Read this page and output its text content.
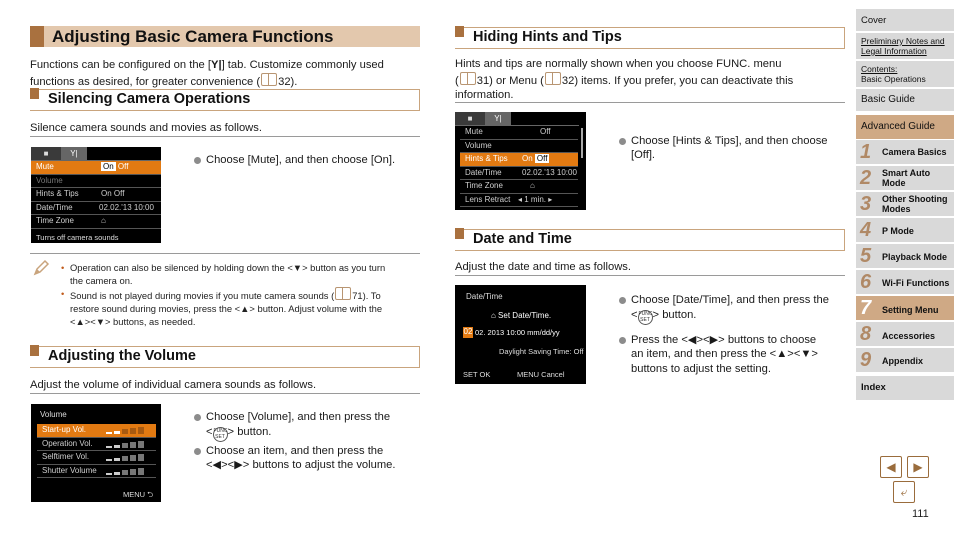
Adjusting Basic Camera Functions
Functions can be configured on the [Y|] tab. Customize commonly used
functions as desired, for greater convenience ( 32).
Silencing Camera Operations
Silence camera sounds and movies as follows.
■	Y|
Mute	On Off
Volume
Hints & Tips	On Off
Date/Time	02.02.'13 10:00
Time Zone	⌂
Turns off camera sounds
Choose [Mute], and then choose [On].
• Operation can also be silenced by holding down the <▼> button as you turn
the camera on.
• Sound is not played during movies if you mute camera sounds ( 71). To
restore sound during movies, press the <▲> button. Adjust volume with the
<▲><▼> buttons, as needed.
Adjusting the Volume
Adjust the volume of individual camera sounds as follows.
Volume
Start-up Vol.
Operation Vol.
Selftimer Vol.
Shutter Volume
MENU ⮌
Choose [Volume], and then press the
<FUNC SET > button.
Choose an item, and then press the
<◀><▶> buttons to adjust the volume.
Hiding Hints and Tips
Hints and tips are normally shown when you choose FUNC. menu
( 31) or Menu ( 32) items. If you prefer, you can deactivate this
information.
■	Y|
Mute	Off
Volume
Hints & Tips On Off
Date/Time	02.02.'13 10:00
Time Zone	⌂
Lens Retract ◂ 1 min. ▸
Choose [Hints & Tips], and then choose
[Off].
Date and Time
Adjust the date and time as follows.
Date/Time
⌂ Set Date/Time.
02 02. 2013 10:00 mm/dd/yy
Daylight Saving Time: Off
SET OK	MENU Cancel
Choose [Date/Time], and then press the
<FUNC SET > button.
Press the <◀><▶> buttons to choose
an item, and then press the <▲><▼>
buttons to adjust the setting.
Cover
Preliminary Notes and
Legal Information
Contents:
Basic Operations
Basic Guide
Advanced Guide
1 Camera Basics
2 Smart Auto
Mode
3 Other Shooting
Modes
4 P Mode
5 Playback Mode
6 Wi-Fi Functions
7 Setting Menu
8 Accessories
9 Appendix
Index
◀	▶
⤶
111
